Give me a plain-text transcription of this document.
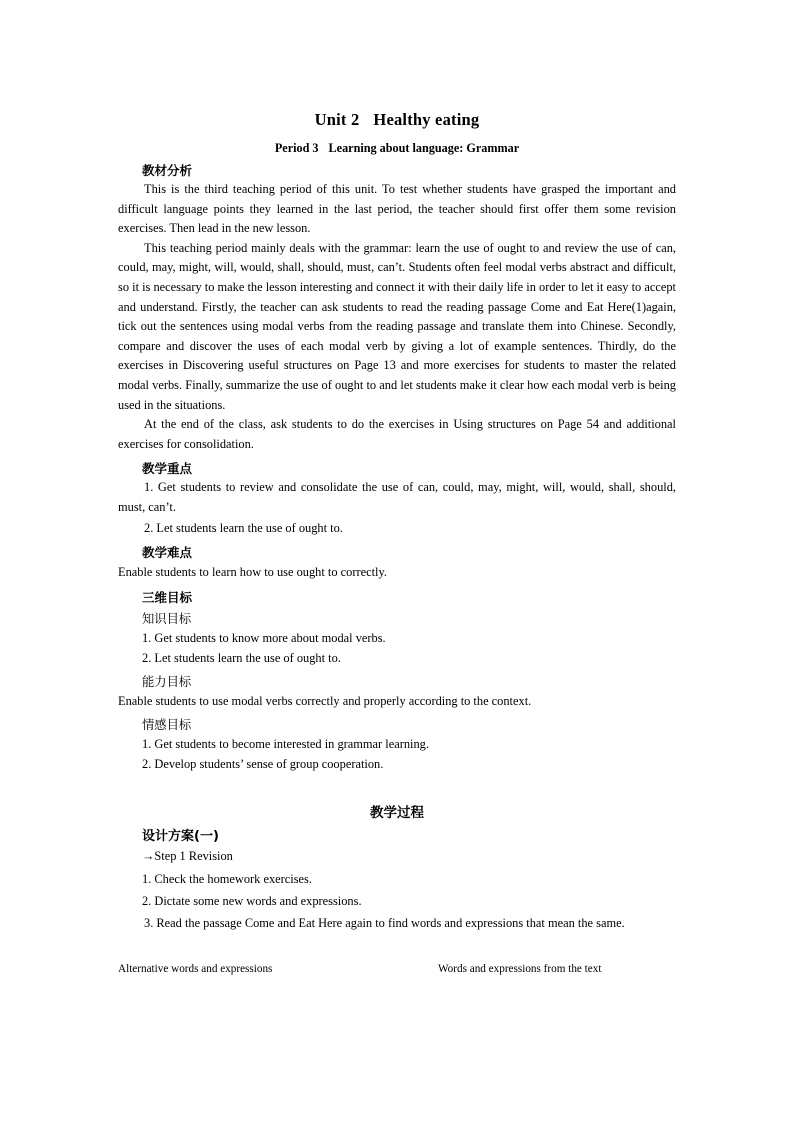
Unit 2 Healthy eating
Period 3 Learning about language: Grammar
教材分析

This is the third teaching period of this unit. To test whether students have grasped the important and difficult language points they learned in the last period, the teacher should first offer them some revision exercises. Then lead in the new lesson.

This teaching period mainly deals with the grammar: learn the use of ought to and review the use of can, could, may, might, will, would, shall, should, must, can’t. Students often feel modal verbs abstract and difficult, so it is necessary to make the lesson interesting and connect it with their daily life in order to let it easy to accept and understand. Firstly, the teacher can ask students to read the reading passage Come and Eat Here(1)again, tick out the sentences using modal verbs from the reading passage and translate them into Chinese. Secondly, compare and discover the uses of each modal verb by giving a lot of example sentences. Thirdly, do the exercises in Discovering useful structures on Page 13 and more exercises for students to master the related modal verbs. Finally, summarize the use of ought to and let students make it clear how each modal verb is being used in the situations.

At the end of the class, ask students to do the exercises in Using structures on Page 54 and additional exercises for consolidation.

教学重点

1. Get students to review and consolidate the use of can, could, may, might, will, would, shall, should, must, can’t.

2. Let students learn the use of ought to.

教学难点

Enable students to learn how to use ought to correctly.

三维目标
知识目标

1. Get students to know more about modal verbs.

2. Let students learn the use of ought to.

能力目标

Enable students to use modal verbs correctly and properly according to the context.

情感目标

1. Get students to become interested in grammar learning.

2. Develop students’ sense of group cooperation.

教学过程
设计方案(一)
→Step 1 Revision
1. Check the homework exercises.
2. Dictate some new words and expressions.

3. Read the passage Come and Eat Here again to find words and expressions that mean the same.

Alternative words and expressions	Words and expressions from the text
